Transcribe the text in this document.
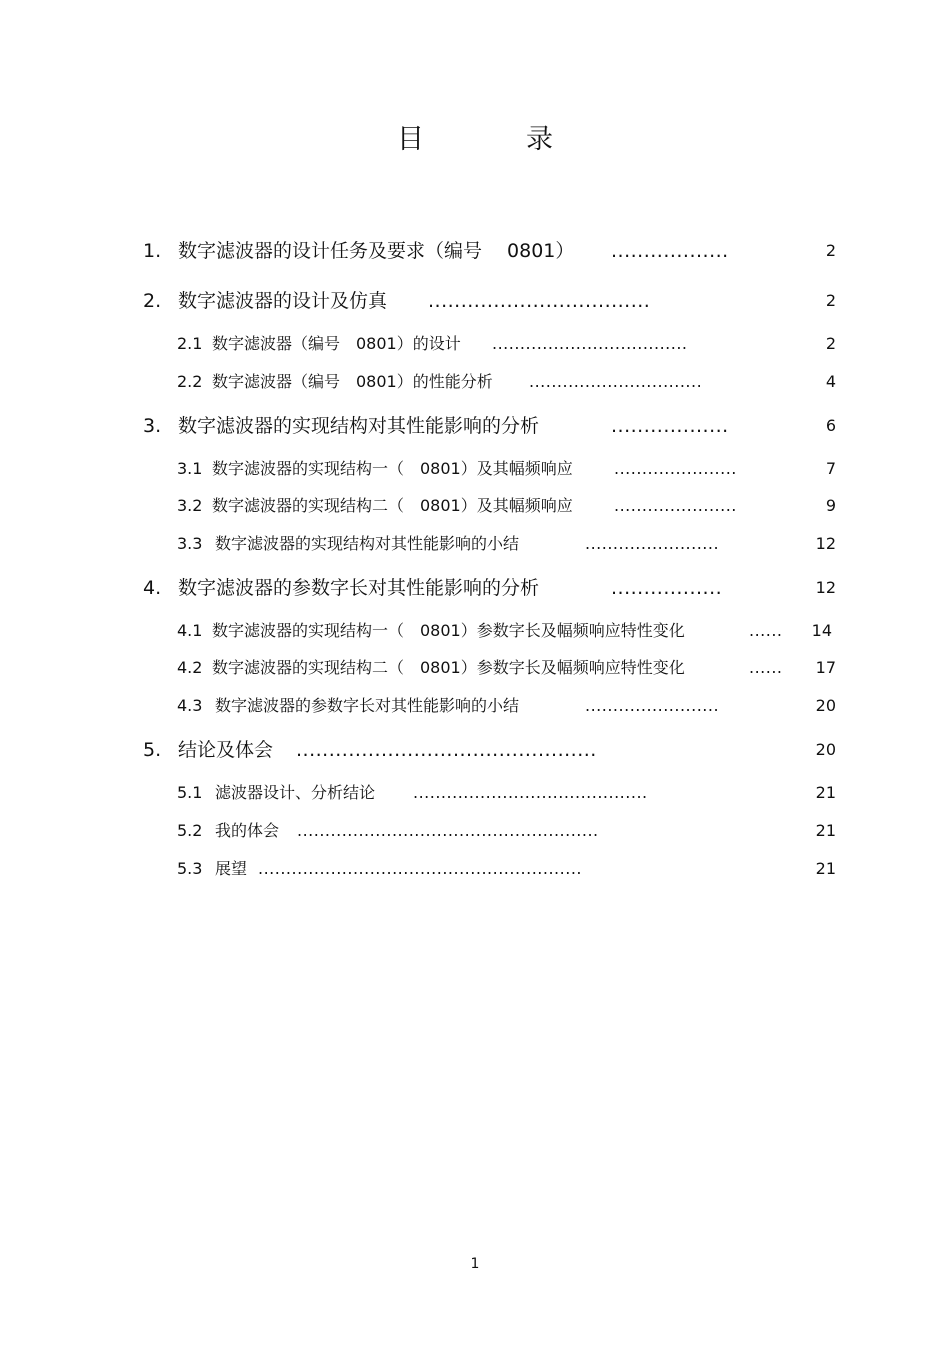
目	录
1. 数字滤波器的设计任务及要求（编号　 0801） ..................	2
2. 数字滤波器的设计及仿真 ..................................	2
2.1 数字滤波器（编号　0801）的设计 ...................................	2
2.2 数字滤波器（编号　0801）的性能分析 ...............................	4
3. 数字滤波器的实现结构对其性能影响的分析	..................	6
3.1 数字滤波器的实现结构一（　0801）及其幅频响应	......................	7
3.2 数字滤波器的实现结构二（　0801）及其幅频响应	......................	9
3.3 数字滤波器的实现结构对其性能影响的小结	........................	12
4. 数字滤波器的参数字长对其性能影响的分析	.................	12
4.1 数字滤波器的实现结构一（　0801）参数字长及幅频响应特性变化	...... 14
4.2 数字滤波器的实现结构二（　0801）参数字长及幅频响应特性变化	...... 17
4.3 数字滤波器的参数字长对其性能影响的小结	........................	20
5. 结论及体会 ..............................................	20
5.1 滤波器设计、分析结论 ..........................................	21
5.2 我的体会 ......................................................	21
5.3 展望 ..........................................................	21
1
